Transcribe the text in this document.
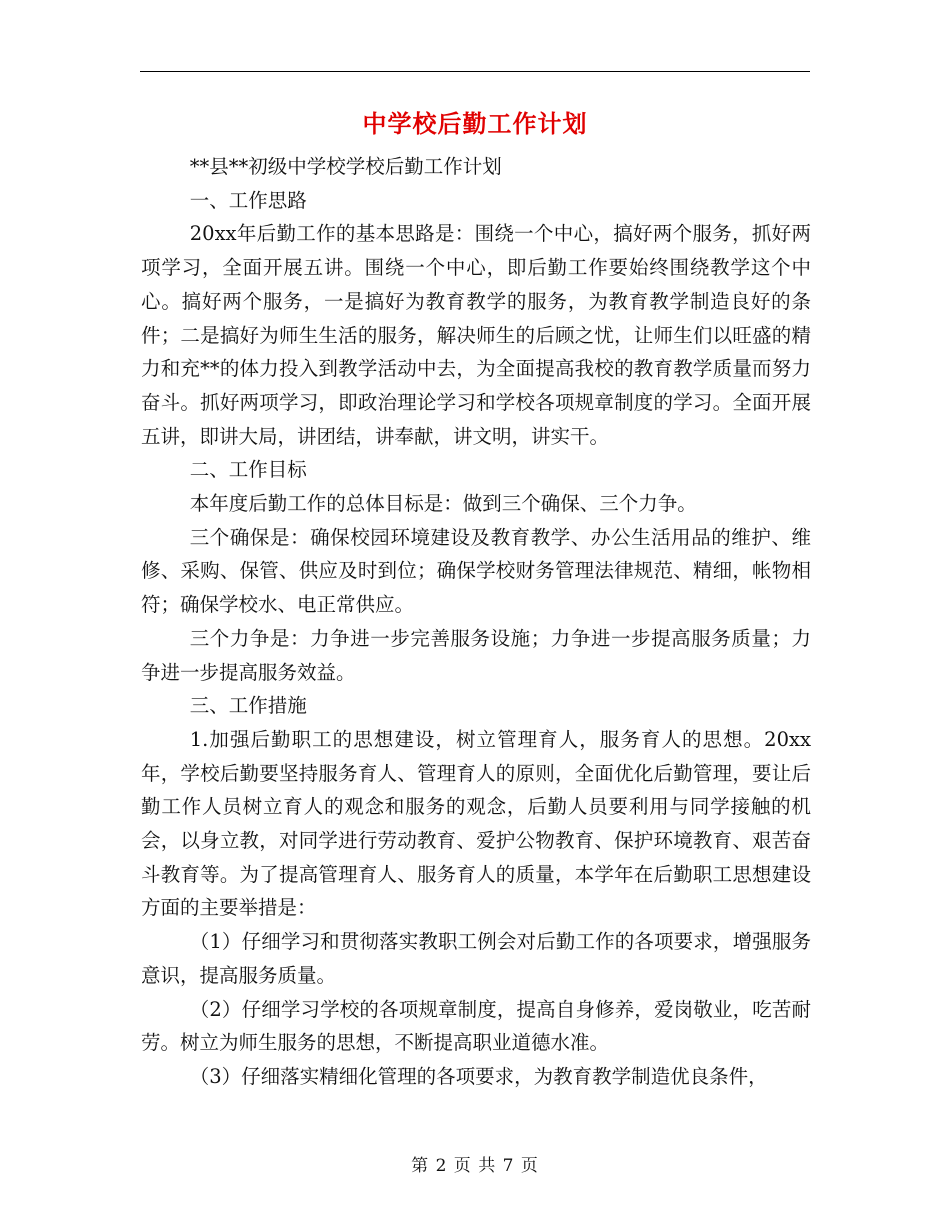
中学校后勤工作计划

**县**初级中学校学校后勤工作计划

一、工作思路

20xx年后勤工作的基本思路是：围绕一个中心，搞好两个服务，抓好两项学习，全面开展五讲。围绕一个中心，即后勤工作要始终围绕教学这个中心。搞好两个服务，一是搞好为教育教学的服务，为教育教学制造良好的条件；二是搞好为师生生活的服务，解决师生的后顾之忧，让师生们以旺盛的精力和充**的体力投入到教学活动中去，为全面提高我校的教育教学质量而努力奋斗。抓好两项学习，即政治理论学习和学校各项规章制度的学习。全面开展五讲，即讲大局，讲团结，讲奉献，讲文明，讲实干。

二、工作目标

本年度后勤工作的总体目标是：做到三个确保、三个力争。

三个确保是：确保校园环境建设及教育教学、办公生活用品的维护、维修、采购、保管、供应及时到位；确保学校财务管理法律规范、精细，帐物相符；确保学校水、电正常供应。

三个力争是：力争进一步完善服务设施；力争进一步提高服务质量；力争进一步提高服务效益。

三、工作措施

1.加强后勤职工的思想建设，树立管理育人，服务育人的思想。20xx年，学校后勤要坚持服务育人、管理育人的原则，全面优化后勤管理，要让后勤工作人员树立育人的观念和服务的观念，后勤人员要利用与同学接触的机会，以身立教，对同学进行劳动教育、爱护公物教育、保护环境教育、艰苦奋斗教育等。为了提高管理育人、服务育人的质量，本学年在后勤职工思想建设方面的主要举措是：

（1）仔细学习和贯彻落实教职工例会对后勤工作的各项要求，增强服务意识，提高服务质量。

（2）仔细学习学校的各项规章制度，提高自身修养，爱岗敬业，吃苦耐劳。树立为师生服务的思想，不断提高职业道德水准。

（3）仔细落实精细化管理的各项要求，为教育教学制造优良条件，

第 2 页 共 7 页
